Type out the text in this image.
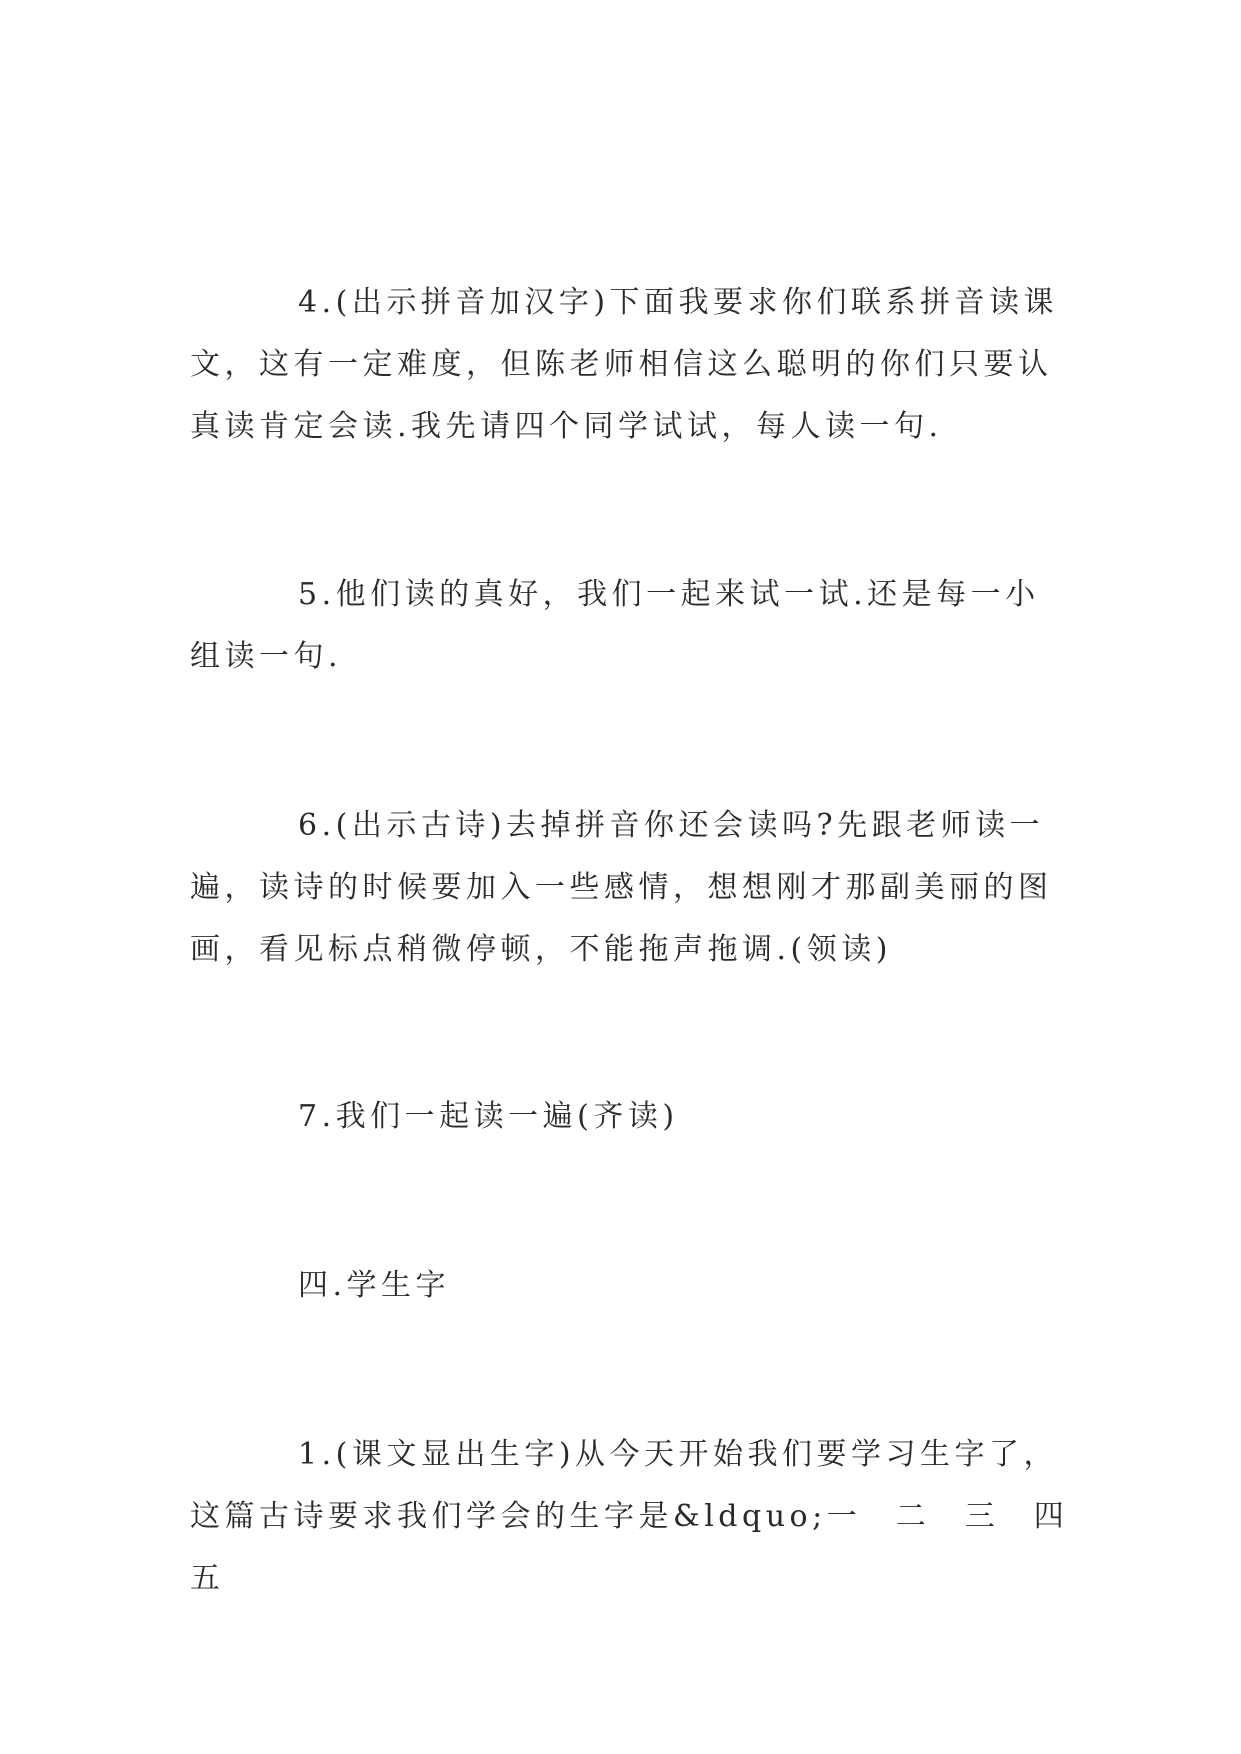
4.(出示拼音加汉字)下面我要求你们联系拼音读课文，这有一定难度，但陈老师相信这么聪明的你们只要认真读肯定会读.我先请四个同学试试，每人读一句.

5.他们读的真好，我们一起来试一试.还是每一小组读一句.

6.(出示古诗)去掉拼音你还会读吗?先跟老师读一遍，读诗的时候要加入一些感情，想想刚才那副美丽的图画，看见标点稍微停顿，不能拖声拖调.(领读)

7.我们一起读一遍(齐读)

四.学生字

1.(课文显出生字)从今天开始我们要学习生字了，这篇古诗要求我们学会的生字是&ldquo;一　二　三　四　五
